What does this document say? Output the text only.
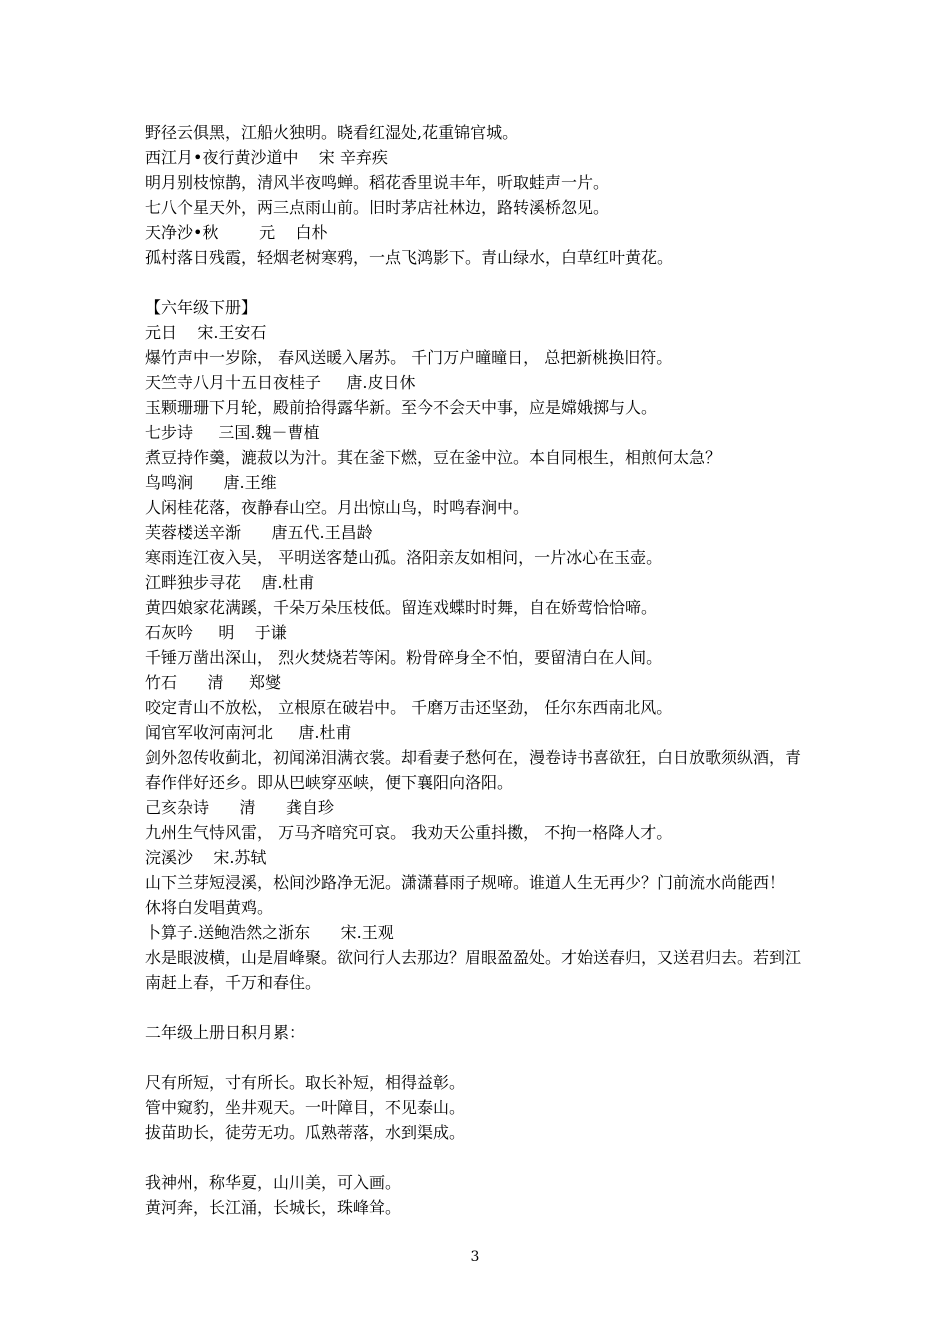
野径云俱黑，江船火独明。晓看红湿处,花重锦官城。
西江月•夜行黄沙道中    宋 辛弃疾
明月别枝惊鹊，清风半夜鸣蝉。稻花香里说丰年，听取蛙声一片。
七八个星天外，两三点雨山前。旧时茅店社林边，路转溪桥忽见。
天净沙•秋        元    白朴
孤村落日残霞，轻烟老树寒鸦，一点飞鸿影下。青山绿水，白草红叶黄花。
【六年级下册】
元日    宋.王安石
爆竹声中一岁除， 春风送暖入屠苏。 千门万户曈曈日， 总把新桃换旧符。
天竺寺八月十五日夜桂子     唐.皮日休
玉颗珊珊下月轮，殿前拾得露华新。至今不会天中事，应是嫦娥掷与人。
七步诗     三国.魏－曹植
煮豆持作羹，漉菽以为汁。萁在釜下燃，豆在釜中泣。本自同根生，相煎何太急？
鸟鸣涧      唐.王维
人闲桂花落，夜静春山空。月出惊山鸟，时鸣春涧中。
芙蓉楼送辛渐      唐五代.王昌龄
寒雨连江夜入吴， 平明送客楚山孤。洛阳亲友如相问，一片冰心在玉壶。
江畔独步寻花    唐.杜甫
黄四娘家花满蹊，千朵万朵压枝低。留连戏蝶时时舞，自在娇莺恰恰啼。
石灰吟     明    于谦
千锤万凿出深山， 烈火焚烧若等闲。粉骨碎身全不怕，要留清白在人间。
竹石      清     郑燮
咬定青山不放松， 立根原在破岩中。 千磨万击还坚劲， 任尔东西南北风。
闻官军收河南河北     唐.杜甫
剑外忽传收蓟北，初闻涕泪满衣裳。却看妻子愁何在，漫卷诗书喜欲狂，白日放歌须纵酒，青
春作伴好还乡。即从巴峡穿巫峡，便下襄阳向洛阳。
己亥杂诗      清      龚自珍
九州生气恃风雷， 万马齐喑究可哀。 我劝天公重抖擞， 不拘一格降人才。
浣溪沙    宋.苏轼
山下兰芽短浸溪，松间沙路净无泥。潇潇暮雨子规啼。谁道人生无再少？门前流水尚能西！
休将白发唱黄鸡。
卜算子.送鲍浩然之浙东      宋.王观
水是眼波横，山是眉峰聚。欲问行人去那边？眉眼盈盈处。才始送春归，又送君归去。若到江
南赶上春，千万和春住。
二年级上册日积月累：
尺有所短，寸有所长。取长补短，相得益彰。
管中窥豹，坐井观天。一叶障目，不见泰山。
拔苗助长，徒劳无功。瓜熟蒂落，水到渠成。
我神州，称华夏，山川美，可入画。
黄河奔，长江涌，长城长，珠峰耸。
3
